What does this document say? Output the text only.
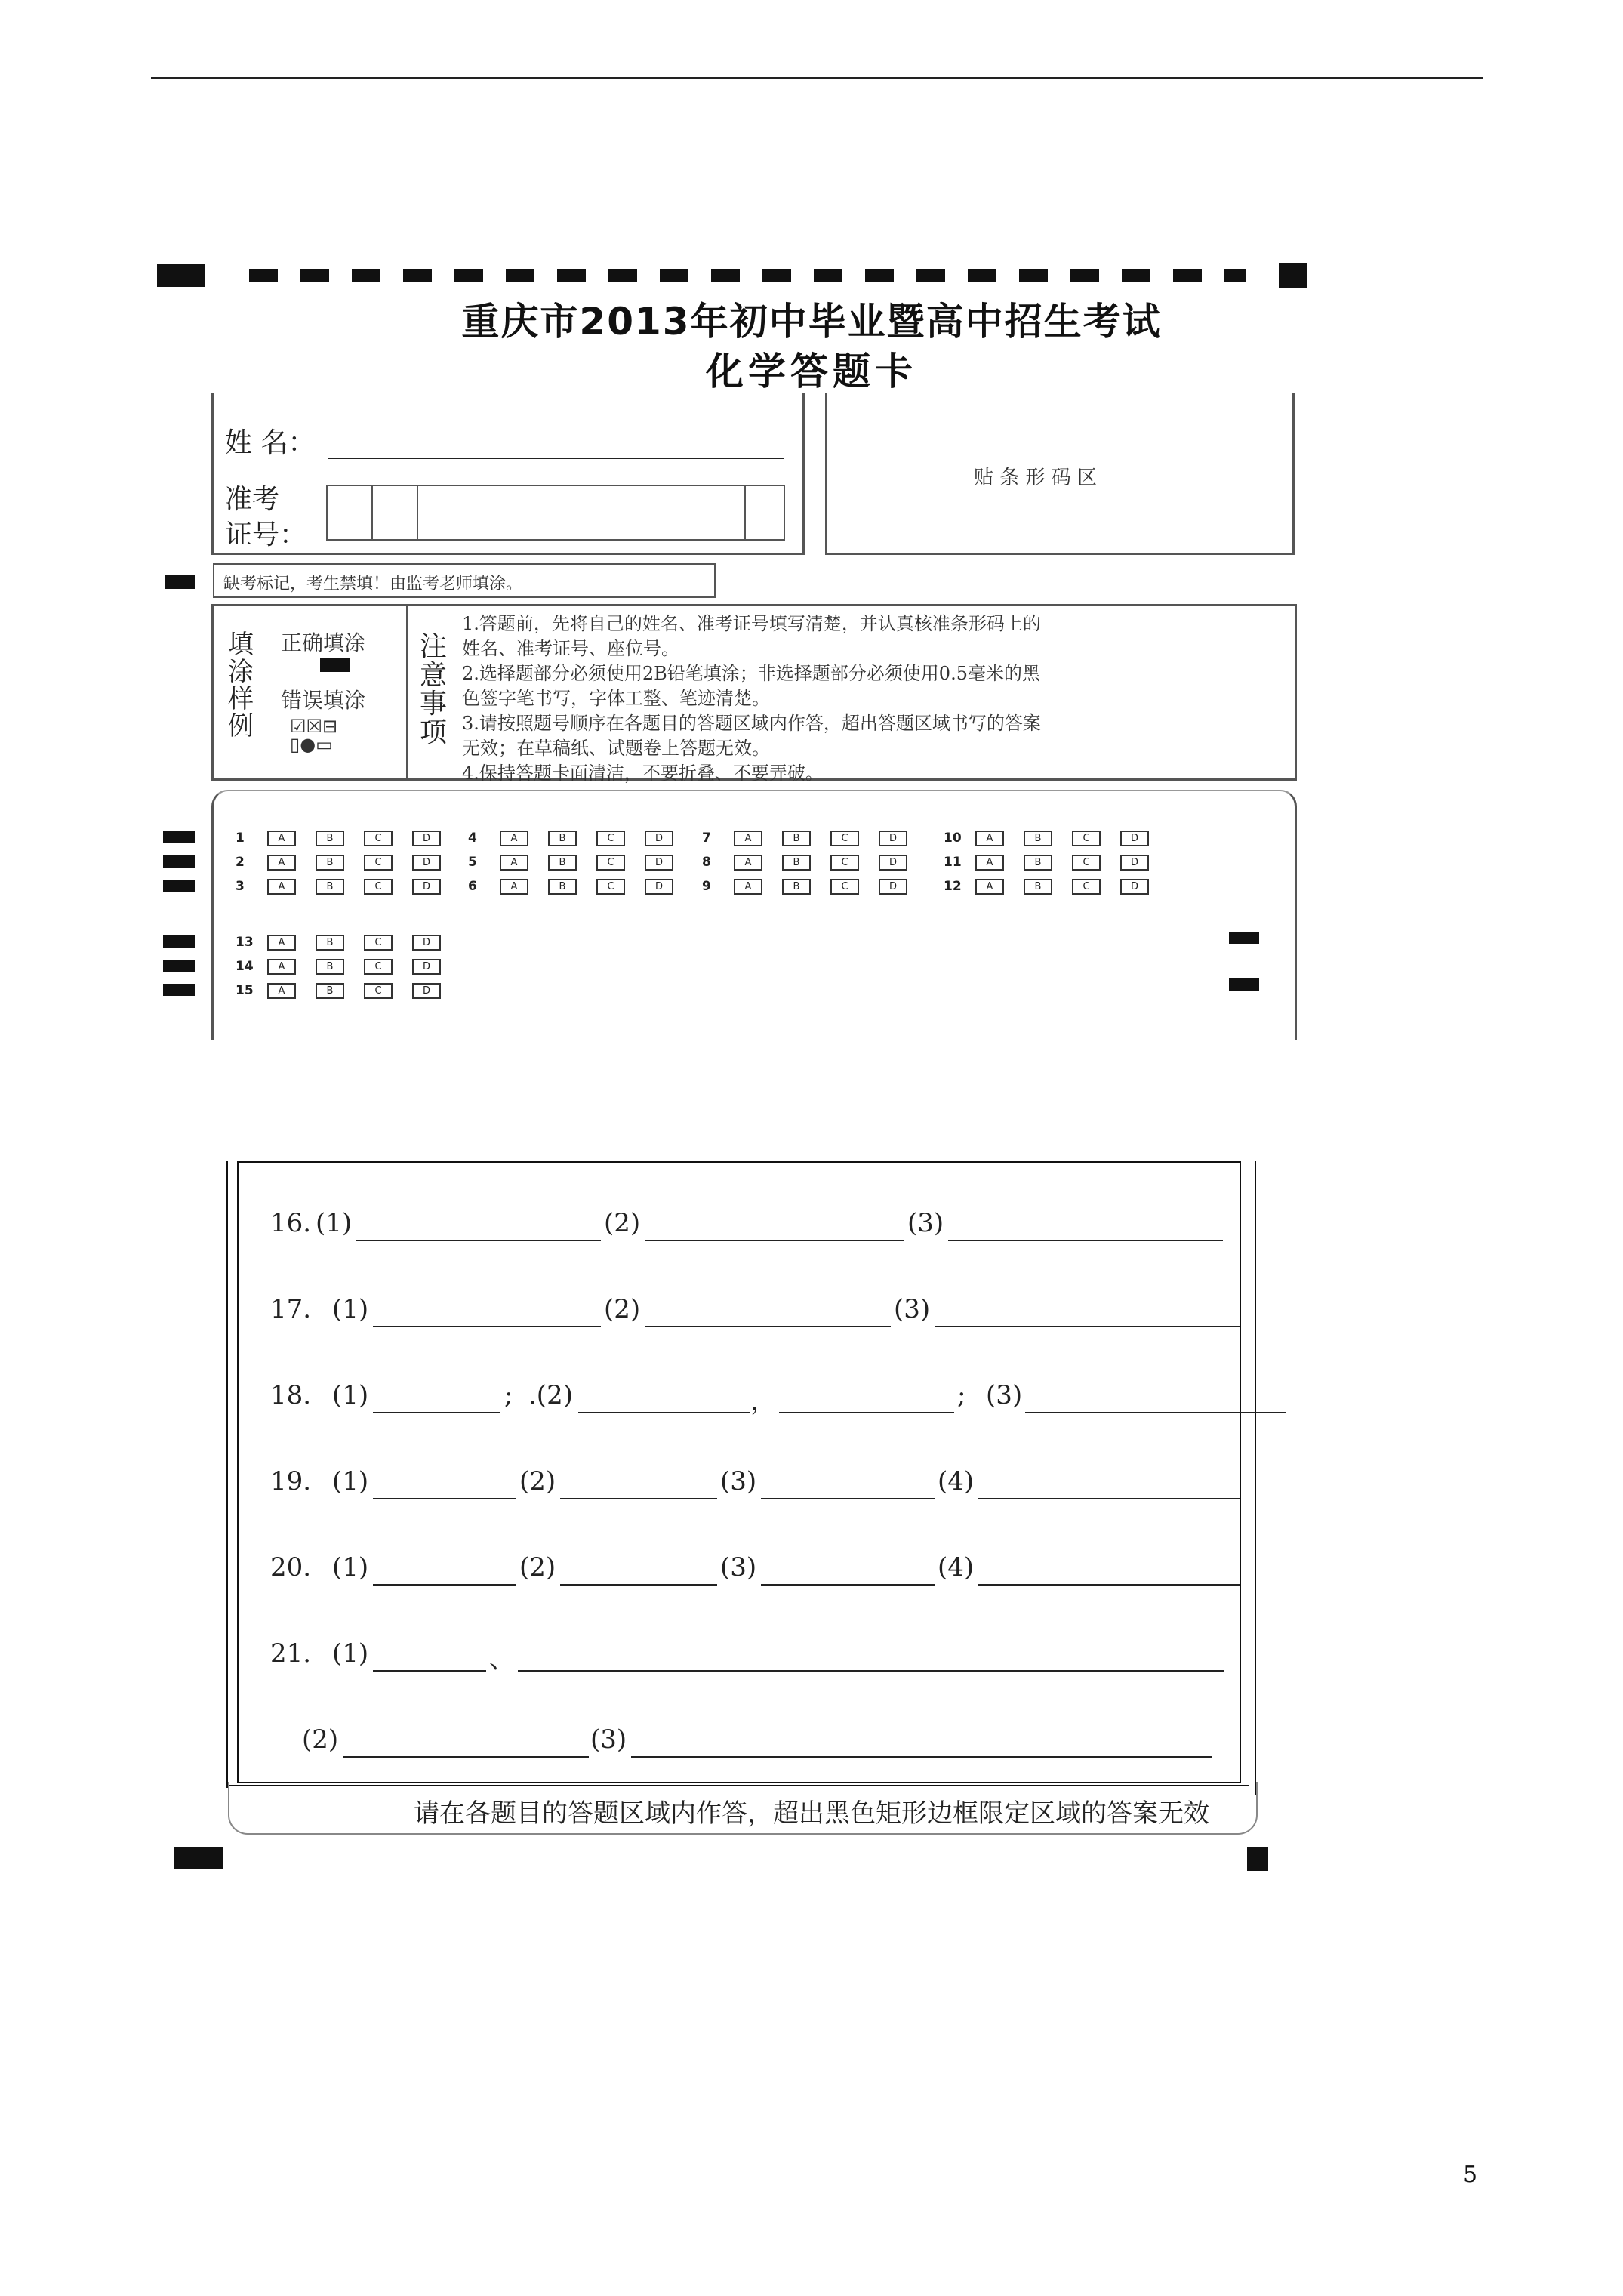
重庆市2013年初中毕业暨高中招生考试
化学答题卡
姓 名：
准考
证号：
贴 条 形 码 区
缺考标记，考生禁填！由监考老师填涂。
填
涂
样
例
正确填涂
错误填涂
☑☒⊟
▯●▭
注
意
事
项
1.答题前，先将自己的姓名、准考证号填写清楚，并认真核准条形码上的
姓名、准考证号、座位号。
2.选择题部分必须使用2B铅笔填涂；非选择题部分必须使用0.5毫米的黑
色签字笔书写，字体工整、笔迹清楚。
3.请按照题号顺序在各题目的答题区域内作答，超出答题区域书写的答案
无效；在草稿纸、试题卷上答题无效。
4.保持答题卡面清洁，不要折叠、不要弄破。
1	A	B	C	D
2	A	B	C	D
3	A	B	C	D
4	A	B	C	D
5	A	B	C	D
6	A	B	C	D
7	A	B	C	D
8	A	B	C	D
9	A	B	C	D
10	A	B	C	D
11	A	B	C	D
12	A	B	C	D
13	A	B	C	D
14	A	B	C	D
15	A	B	C	D
请在各题目的答题区域内作答，超出黑色矩形边框限定区域的答案无效
16. (1)	(2)	(3)
17. (1)	(2)	(3)
18. (1)	; .(2)	，	; (3)
19. (1)	(2)	(3)	(4)
20. (1)	(2)	(3)	(4)
21. (1)	、
(2)	(3)
5
